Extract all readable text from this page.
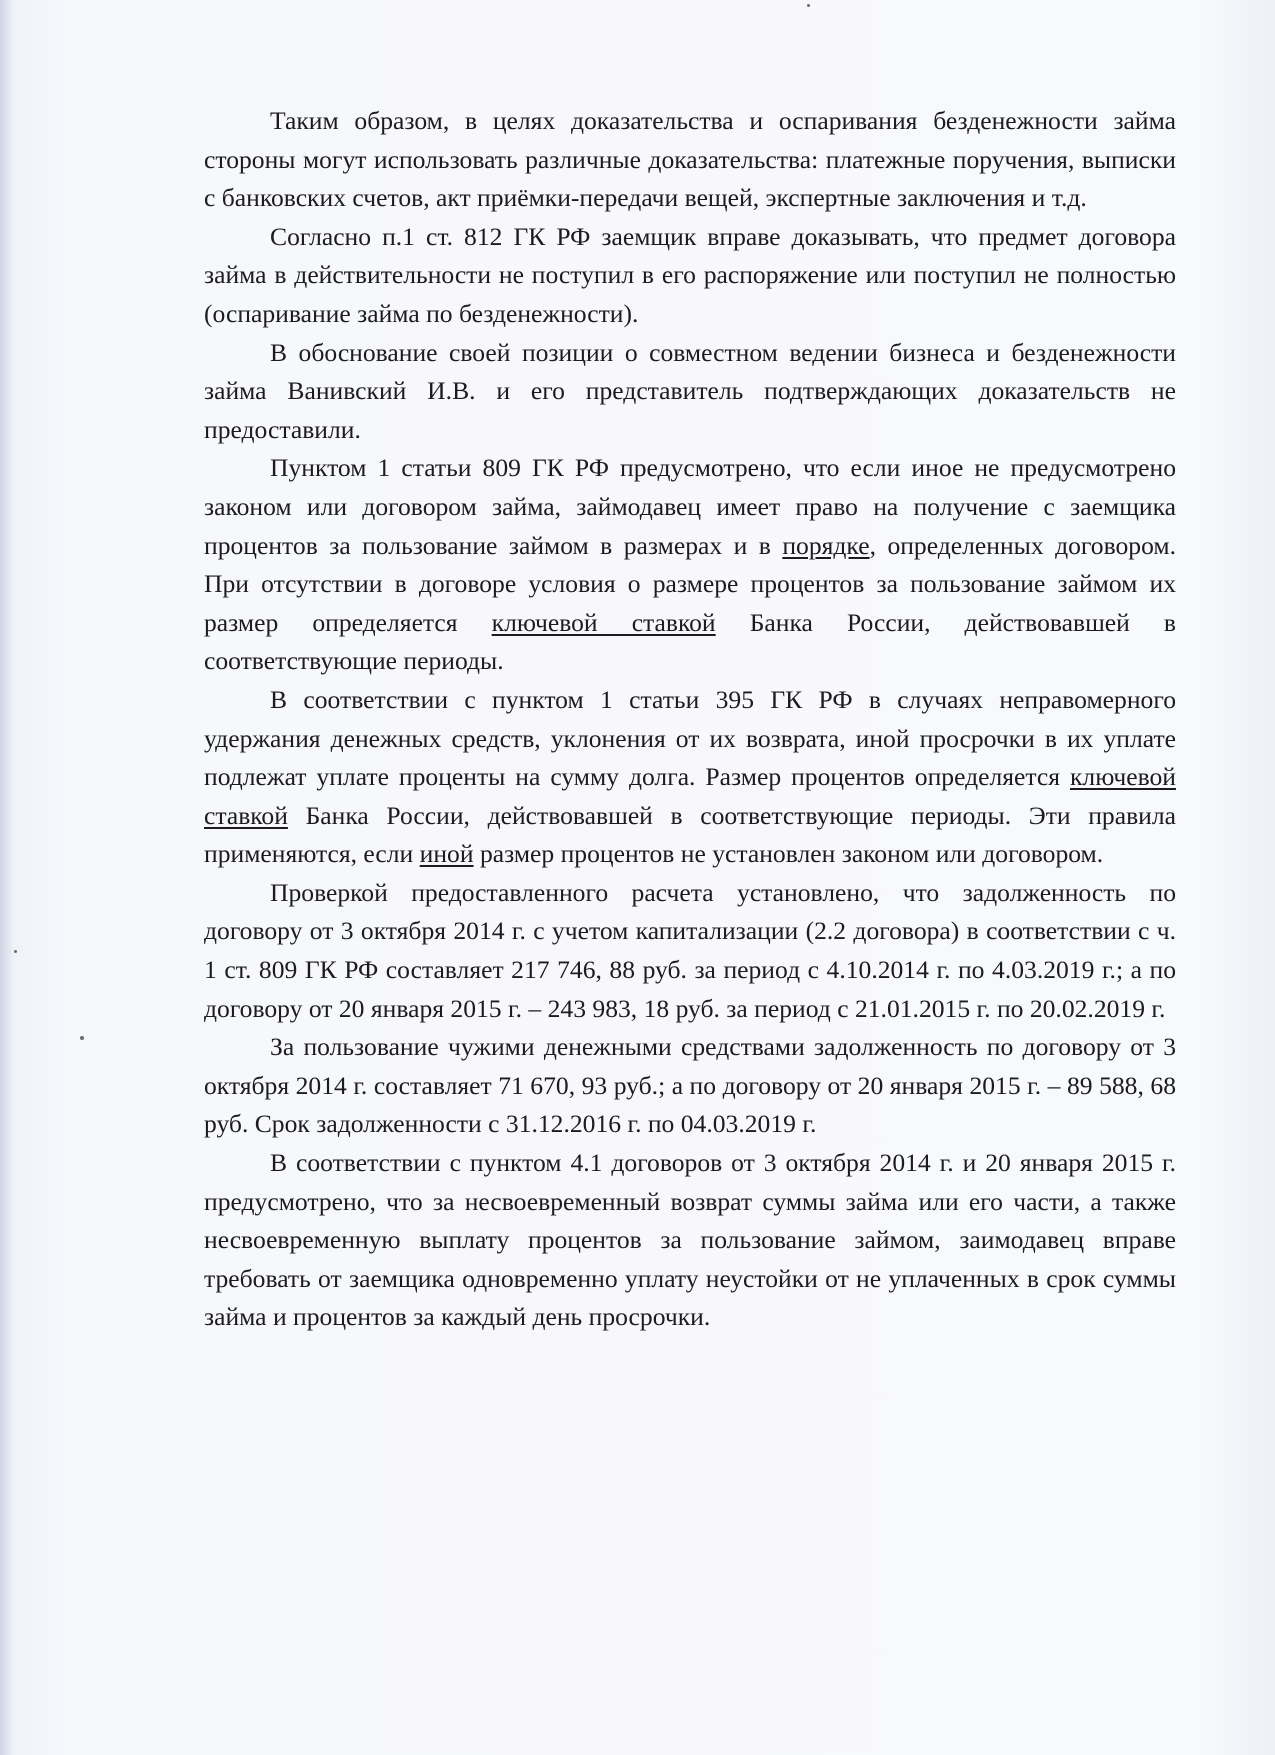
Таким образом, в целях доказательства и оспаривания безденежности займа стороны могут использовать различные доказательства: платежные поручения, выписки с банковских счетов, акт приёмки-передачи вещей, экспертные заключения и т.д.

Согласно п.1 ст. 812 ГК РФ заемщик вправе доказывать, что предмет договора займа в действительности не поступил в его распоряжение или поступил не полностью (оспаривание займа по безденежности).

В обоснование своей позиции о совместном ведении бизнеса и безденежности займа Ванивский И.В. и его представитель подтверждающих доказательств не предоставили.

Пунктом 1 статьи 809 ГК РФ предусмотрено, что если иное не предусмотрено законом или договором займа, займодавец имеет право на получение с заемщика процентов за пользование займом в размерах и в порядке, определенных договором. При отсутствии в договоре условия о размере процентов за пользование займом их размер определяется ключевой ставкой Банка России, действовавшей в соответствующие периоды.

В соответствии с пунктом 1 статьи 395 ГК РФ в случаях неправомерного удержания денежных средств, уклонения от их возврата, иной просрочки в их уплате подлежат уплате проценты на сумму долга. Размер процентов определяется ключевой ставкой Банка России, действовавшей в соответствующие периоды. Эти правила применяются, если иной размер процентов не установлен законом или договором.

Проверкой предоставленного расчета установлено, что задолженность по договору от 3 октября 2014 г. с учетом капитализации (2.2 договора) в соответствии с ч. 1 ст. 809 ГК РФ составляет 217 746, 88 руб. за период с 4.10.2014 г. по 4.03.2019 г.; а по договору от 20 января 2015 г. – 243 983, 18 руб. за период с 21.01.2015 г. по 20.02.2019 г.

За пользование чужими денежными средствами задолженность по договору от 3 октября 2014 г. составляет 71 670, 93 руб.; а по договору от 20 января 2015 г. – 89 588, 68 руб. Срок задолженности с 31.12.2016 г. по 04.03.2019 г.

В соответствии с пунктом 4.1 договоров от 3 октября 2014 г. и 20 января 2015 г. предусмотрено, что за несвоевременный возврат суммы займа или его части, а также несвоевременную выплату процентов за пользование займом, заимодавец вправе требовать от заемщика одновременно уплату неустойки от не уплаченных в срок суммы займа и процентов за каждый день просрочки.
